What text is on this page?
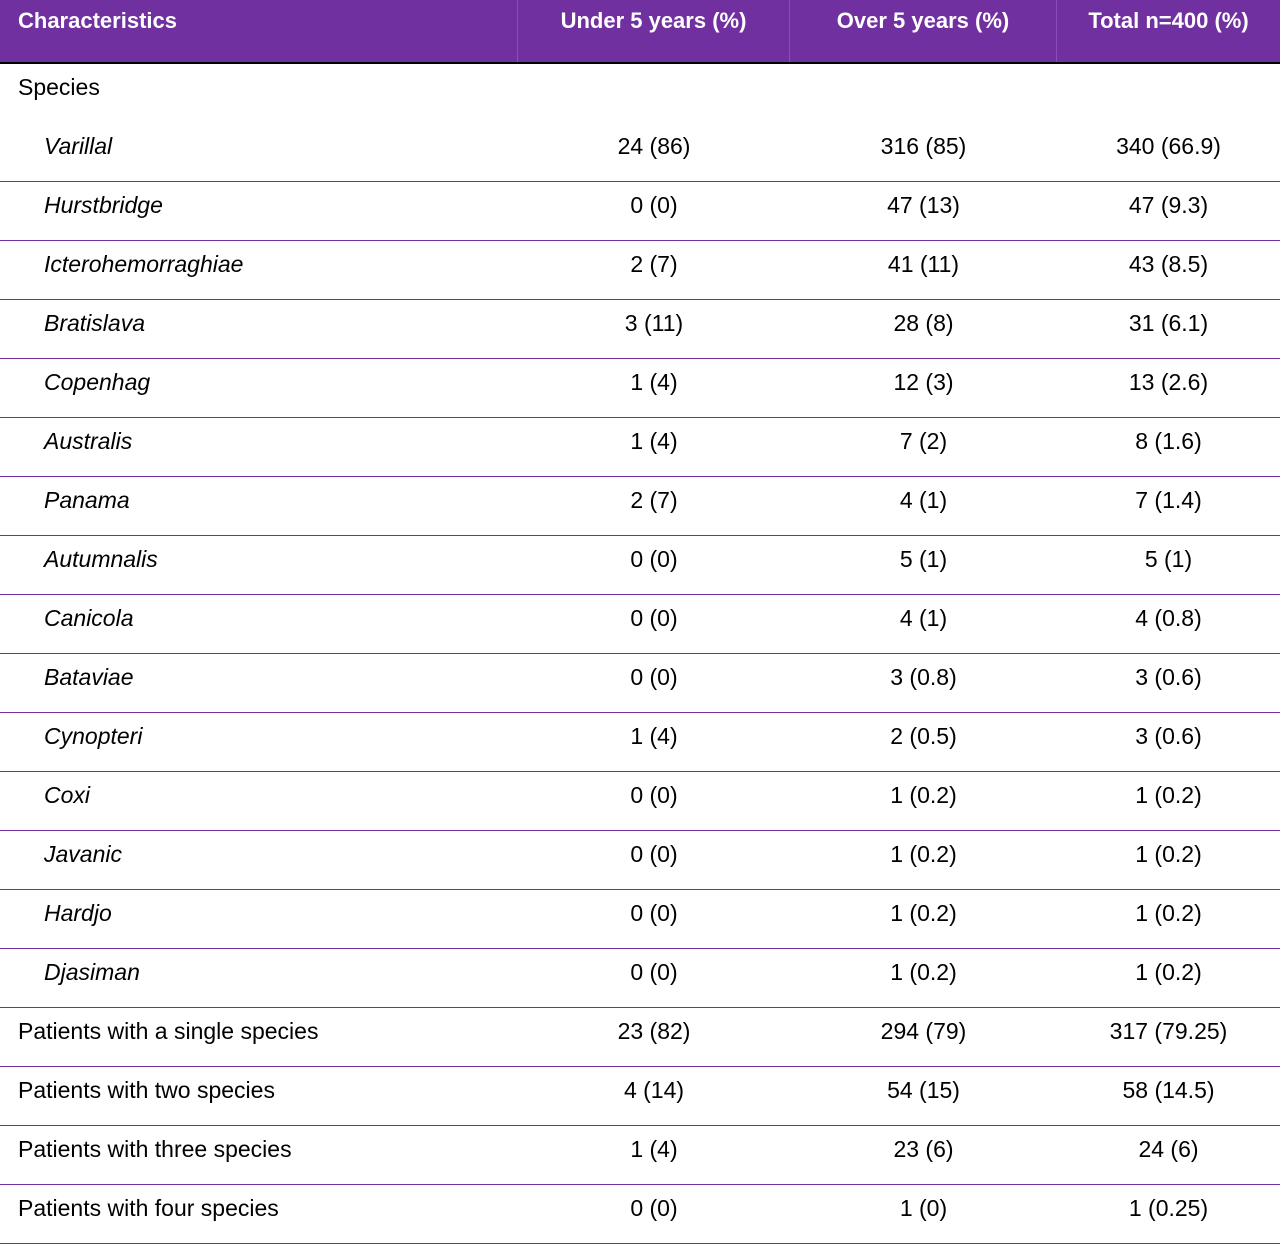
Characteristics	Under 5 years (%)	Over 5 years (%)	Total n=400 (%)
Species
Varillal	24 (86)	316 (85)	340 (66.9)
Hurstbridge	0 (0)	47 (13)	47 (9.3)
Icterohemorraghiae	2 (7)	41 (11)	43 (8.5)
Bratislava	3 (11)	28 (8)	31 (6.1)
Copenhag	1 (4)	12 (3)	13 (2.6)
Australis	1 (4)	7 (2)	8 (1.6)
Panama	2 (7)	4 (1)	7 (1.4)
Autumnalis	0 (0)	5 (1)	5 (1)
Canicola	0 (0)	4 (1)	4 (0.8)
Bataviae	0 (0)	3 (0.8)	3 (0.6)
Cynopteri	1 (4)	2 (0.5)	3 (0.6)
Coxi	0 (0)	1 (0.2)	1 (0.2)
Javanic	0 (0)	1 (0.2)	1 (0.2)
Hardjo	0 (0)	1 (0.2)	1 (0.2)
Djasiman	0 (0)	1 (0.2)	1 (0.2)
Patients with a single species	23 (82)	294 (79)	317 (79.25)
Patients with two species	4 (14)	54 (15)	58 (14.5)
Patients with three species	1 (4)	23 (6)	24 (6)
Patients with four species	0 (0)	1 (0)	1 (0.25)
